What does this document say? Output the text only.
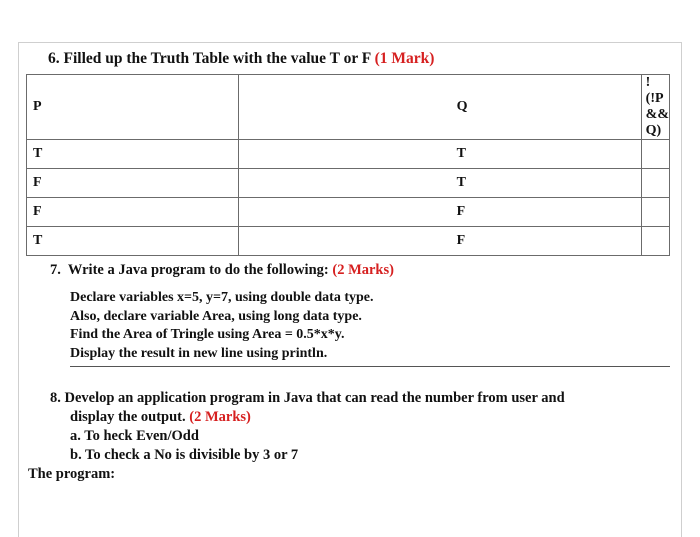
6. Filled up the Truth Table with the value T or F (1 Mark)
P	Q	! (!P && Q)
T	T	
F	T	
F	F	
T	F	
7. Write a Java program to do the following: (2 Marks)
Declare variables x=5, y=7, using double data type.
Also, declare variable Area, using long data type.
Find the Area of Tringle using Area = 0.5*x*y.
Display the result in new line using println.
8. Develop an application program in Java that can read the number from user and
display the output. (2 Marks)
a. To heck Even/Odd
b. To check a No is divisible by 3 or 7
The program:
